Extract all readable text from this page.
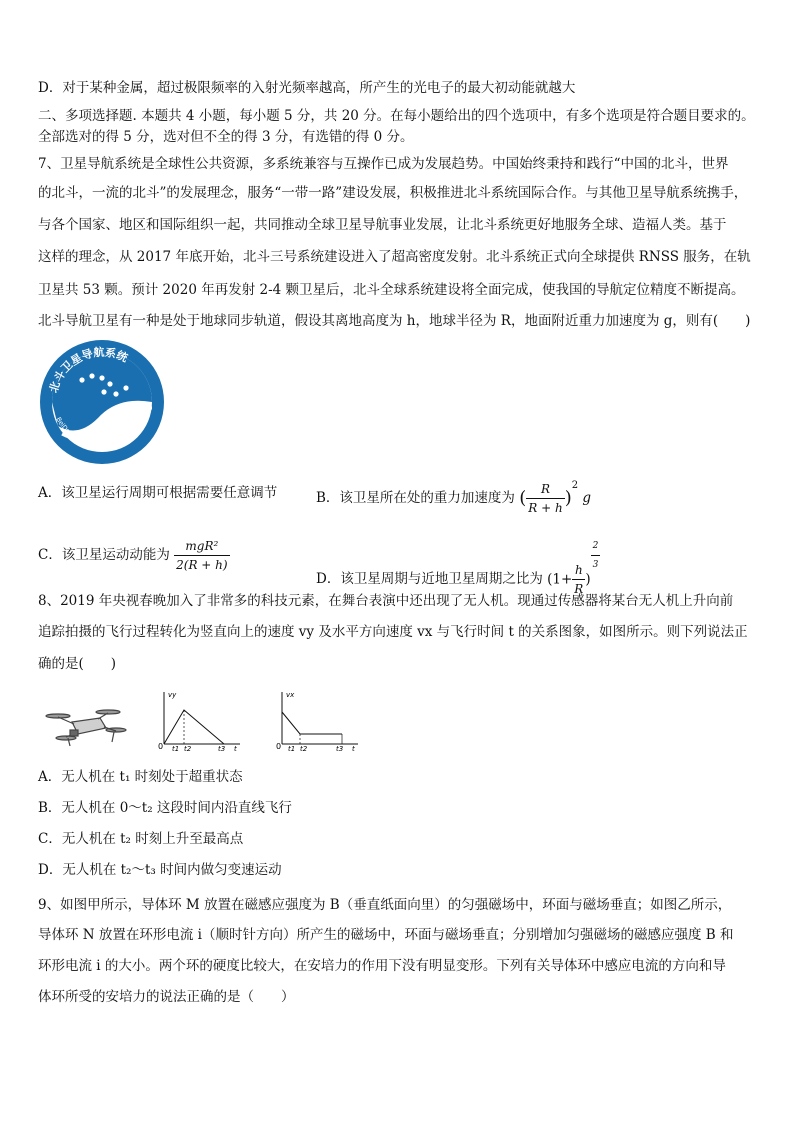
D．对于某种金属，超过极限频率的入射光频率越高，所产生的光电子的最大初动能就越大
二、多项选择题. 本题共 4 小题，每小题 5 分，共 20 分。在每小题给出的四个选项中，有多个选项是符合题目要求的。
全部选对的得 5 分，选对但不全的得 3 分，有选错的得 0 分。
7、卫星导航系统是全球性公共资源，多系统兼容与互操作已成为发展趋势。中国始终秉持和践行“中国的北斗，世界
的北斗，一流的北斗”的发展理念，服务“一带一路”建设发展，积极推进北斗系统国际合作。与其他卫星导航系统携手，
与各个国家、地区和国际组织一起，共同推动全球卫星导航事业发展，让北斗系统更好地服务全球、造福人类。基于
这样的理念，从 2017 年底开始，北斗三号系统建设进入了超高密度发射。北斗系统正式向全球提供 RNSS 服务，在轨
卫星共 53 颗。预计 2020 年再发射 2-4 颗卫星后，北斗全球系统建设将全面完成，使我国的导航定位精度不断提高。
北斗导航卫星有一种是处于地球同步轨道，假设其离地高度为 h，地球半径为 R，地面附近重力加速度为 g，则有(　　)
北斗卫星导航系统
BeiDou Navigation Satellite System
A．该卫星运行周期可根据需要任意调节	B．该卫星所在处的重力加速度为 ( $\frac{R}{R + h} )^2$ g
C．该卫星运动动能为 $\frac{\text{mgR²}}{2(R + h)}$
D．该卫星周期与近地卫星周期之比为 ($1+ \frac{h}{R}$ )
$\frac{2}{3}$
8、2019 年央视春晚加入了非常多的科技元素，在舞台表演中还出现了无人机。现通过传感器将某台无人机上升向前
追踪拍摄的飞行过程转化为竖直向上的速度 vy 及水平方向速度 vx 与飞行时间 t 的关系图象，如图所示。则下列说法正
确的是(　　)
vy
0 t1 t2	t3 t
vx
0 t1 t2	t3 t
A．无人机在 t₁ 时刻处于超重状态
B．无人机在 0～t₂ 这段时间内沿直线飞行
C．无人机在 t₂ 时刻上升至最高点
D．无人机在 t₂～t₃ 时间内做匀变速运动
9、如图甲所示，导体环 M 放置在磁感应强度为 B（垂直纸面向里）的匀强磁场中，环面与磁场垂直；如图乙所示，
导体环 N 放置在环形电流 i（顺时针方向）所产生的磁场中，环面与磁场垂直；分别增加匀强磁场的磁感应强度 B 和
环形电流 i 的大小。两个环的硬度比较大，在安培力的作用下没有明显变形。下列有关导体环中感应电流的方向和导
体环所受的安培力的说法正确的是（　　）
